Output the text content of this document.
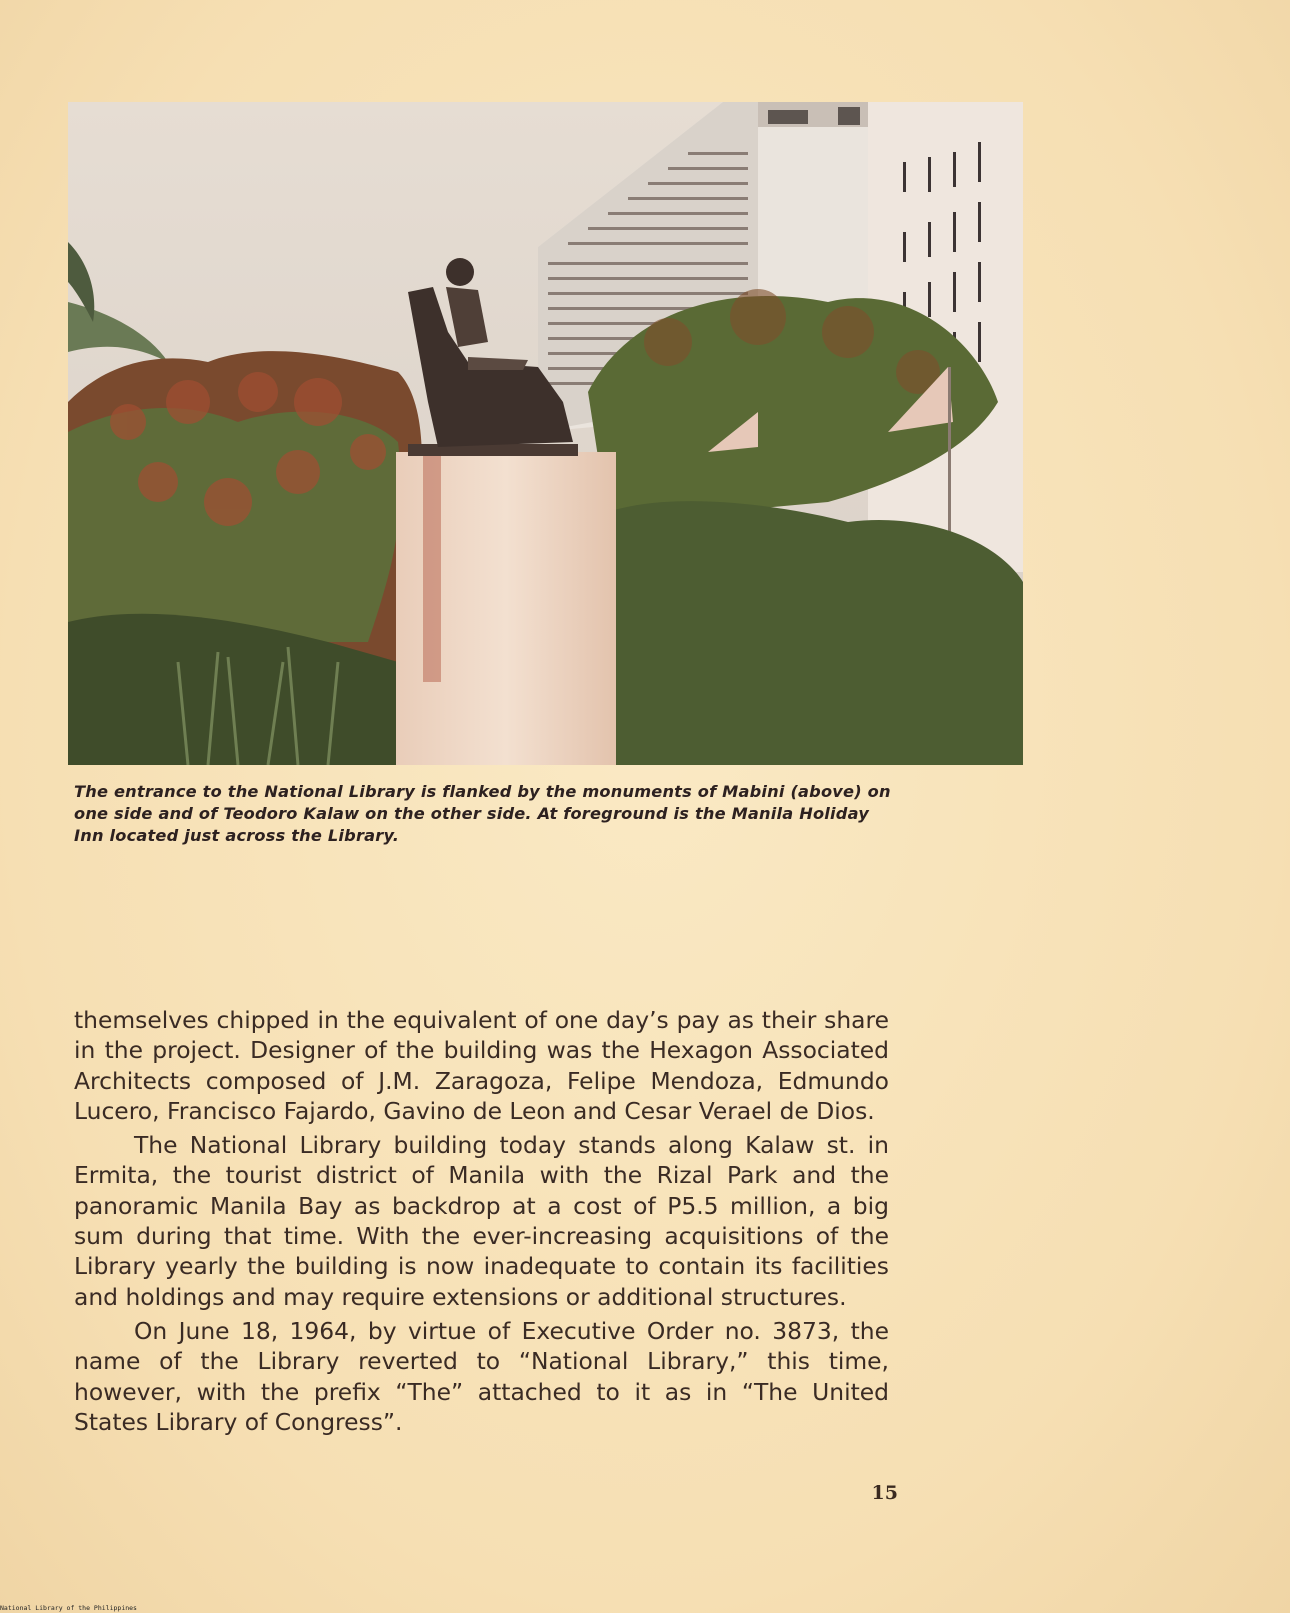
The entrance to the National Library is flanked by the monuments of Mabini (above) on one side and of Teodoro Kalaw on the other side. At foreground is the Manila Holiday Inn located just across the Library.

themselves chipped in the equivalent of one day’s pay as their share in the project. Designer of the building was the Hexagon Associated Architects composed of J.M. Zaragoza, Felipe Mendoza, Edmundo Lucero, Francisco Fajardo, Gavino de Leon and Cesar Verael de Dios.

The National Library building today stands along Kalaw st. in Ermita, the tourist district of Manila with the Rizal Park and the panoramic Manila Bay as backdrop at a cost of P5.5 million, a big sum during that time. With the ever-increasing acquisitions of the Library yearly the building is now inadequate to contain its facilities and holdings and may require extensions or additional structures.

On June 18, 1964, by virtue of Executive Order no. 3873, the name of the Library reverted to “National Library,” this time, however, with the prefix “The” attached to it as in “The United States Library of Congress”.

15
National Library of the Philippines
